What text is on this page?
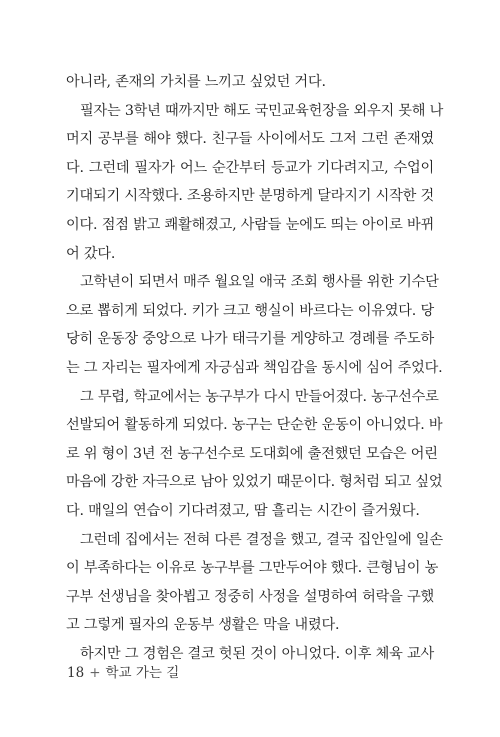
아니라, 존재의 가치를 느끼고 싶었던 거다.
필자는 3학년 때까지만 해도 국민교육헌장을 외우지 못해 나
머지 공부를 해야 했다. 친구들 사이에서도 그저 그런 존재였
다. 그런데 필자가 어느 순간부터 등교가 기다려지고, 수업이
기대되기 시작했다. 조용하지만 분명하게 달라지기 시작한 것
이다. 점점 밝고 쾌활해졌고, 사람들 눈에도 띄는 아이로 바뀌
어 갔다.
고학년이 되면서 매주 월요일 애국 조회 행사를 위한 기수단
으로 뽑히게 되었다. 키가 크고 행실이 바르다는 이유였다. 당
당히 운동장 중앙으로 나가 태극기를 게양하고 경례를 주도하
는 그 자리는 필자에게 자긍심과 책임감을 동시에 심어 주었다.
그 무렵, 학교에서는 농구부가 다시 만들어졌다. 농구선수로
선발되어 활동하게 되었다. 농구는 단순한 운동이 아니었다. 바
로 위 형이 3년 전 농구선수로 도대회에 출전했던 모습은 어린
마음에 강한 자극으로 남아 있었기 때문이다. 형처럼 되고 싶었
다. 매일의 연습이 기다려졌고, 땀 흘리는 시간이 즐거웠다.
그런데 집에서는 전혀 다른 결정을 했고, 결국 집안일에 일손
이 부족하다는 이유로 농구부를 그만두어야 했다. 큰형님이 농
구부 선생님을 찾아뵙고 정중히 사정을 설명하여 허락을 구했
고 그렇게 필자의 운동부 생활은 막을 내렸다.
하지만 그 경험은 결코 헛된 것이 아니었다. 이후 체육 교사
18 + 학교 가는 길
